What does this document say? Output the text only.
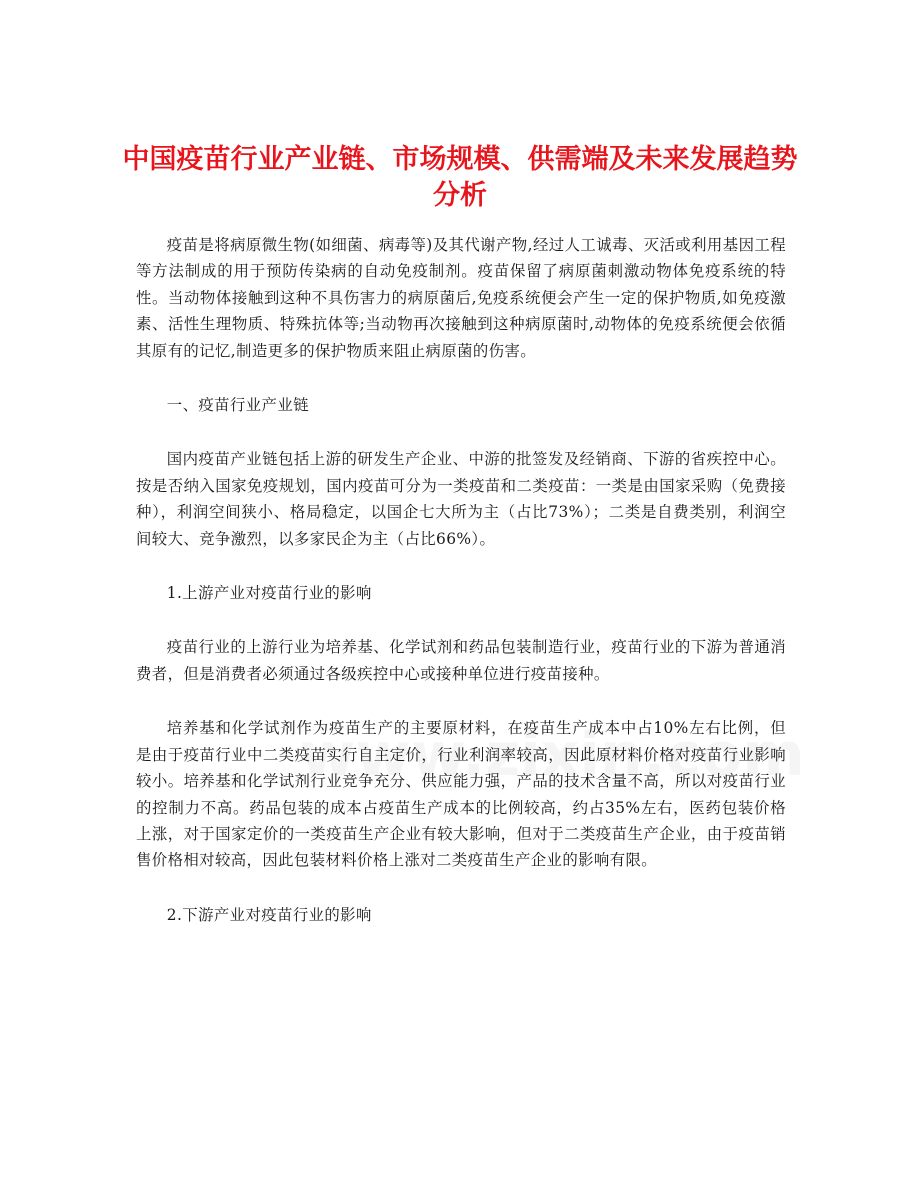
中国疫苗行业产业链、市场规模、供需端及未来发展趋势分析

疫苗是将病原微生物(如细菌、病毒等)及其代谢产物,经过人工诚毒、灭活或利用基因工程等方法制成的用于预防传染病的自动免疫制剂。疫苗保留了病原菌刺激动物体免疫系统的特性。当动物体接触到这种不具伤害力的病原菌后,免疫系统便会产生一定的保护物质,如免疫激素、活性生理物质、特殊抗体等;当动物再次接触到这种病原菌时,动物体的免疫系统便会依循其原有的记忆,制造更多的保护物质来阻止病原菌的伤害。

一、疫苗行业产业链

国内疫苗产业链包括上游的研发生产企业、中游的批签发及经销商、下游的省疾控中心。按是否纳入国家免疫规划，国内疫苗可分为一类疫苗和二类疫苗：一类是由国家采购（免费接种），利润空间狭小、格局稳定，以国企七大所为主（占比73%）；二类是自费类别，利润空间较大、竞争激烈，以多家民企为主（占比66%）。

1.上游产业对疫苗行业的影响

疫苗行业的上游行业为培养基、化学试剂和药品包装制造行业，疫苗行业的下游为普通消费者，但是消费者必须通过各级疾控中心或接种单位进行疫苗接种。

培养基和化学试剂作为疫苗生产的主要原材料，在疫苗生产成本中占10%左右比例，但是由于疫苗行业中二类疫苗实行自主定价，行业利润率较高，因此原材料价格对疫苗行业影响较小。培养基和化学试剂行业竞争充分、供应能力强，产品的技术含量不高，所以对疫苗行业的控制力不高。药品包装的成本占疫苗生产成本的比例较高，约占35%左右，医药包装价格上涨，对于国家定价的一类疫苗生产企业有较大影响，但对于二类疫苗生产企业，由于疫苗销售价格相对较高，因此包装材料价格上涨对二类疫苗生产企业的影响有限。

2.下游产业对疫苗行业的影响
